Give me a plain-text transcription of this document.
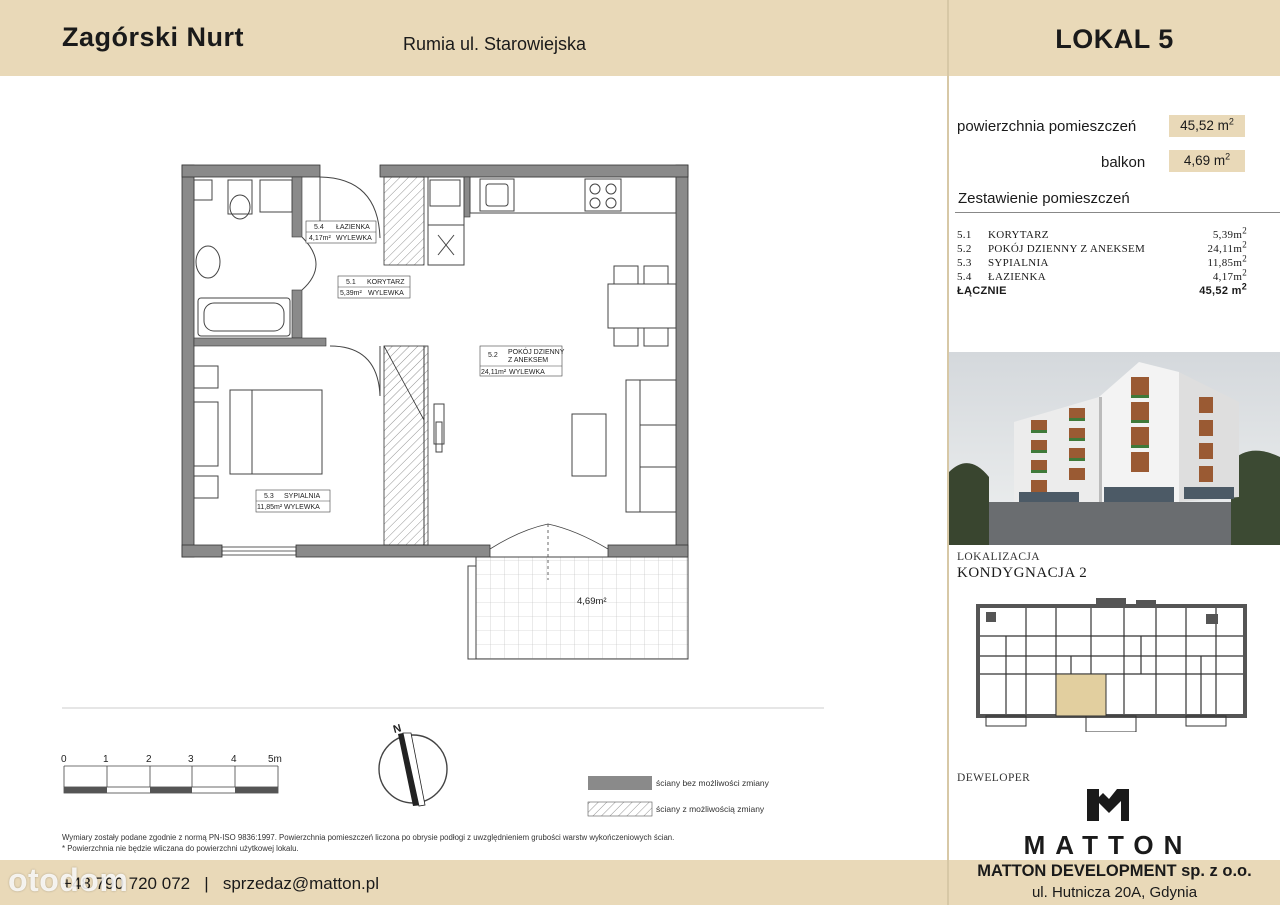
Zagórski Nurt	Rumia ul. Starowiejska	LOKAL 5
powierzchnia pomieszczeń	45,52 $m^2$
balkon	4,69 $m^2$
Zestawienie pomieszczeń
5.1	KORYTARZ	$5,39m^2$
5.2	POKÓJ DZIENNY Z ANEKSEM	$24,11m^2$
5.3	SYPIALNIA	$11,85m^2$
5.4	ŁAZIENKA	$4,17m^2$
ŁĄCZNIE		45,52 $m^2$
LOKALIZACJA
KONDYGNACJA 2
DEWELOPER
MATTON
+48 790 720 072   |   sprzedaz@matton.pl
MATTON DEVELOPMENT sp. z o.o.
ul. Hutnicza 20A, Gdynia
otodom
Wymiary zostały podane zgodnie z normą PN-ISO 9836:1997. Powierzchnia pomieszczeń liczona po obrysie podłogi z uwzględnieniem grubości warstw wykończeniowych ścian.
* Powierzchnia nie będzie wliczana do powierzchni użytkowej lokalu.
5.4 ŁAZIENKA
4,17m² WYLEWKA
5.1 KORYTARZ
5,39m² WYLEWKA
5.2 POKÓJ DZIENNY
Z ANEKSEM
24,11m² WYLEWKA
5.3 SYPIALNIA
11,85m² WYLEWKA
4,69m²
0	1	2	3	4	5m
N
ściany bez możliwości zmiany
ściany z możliwością zmiany
